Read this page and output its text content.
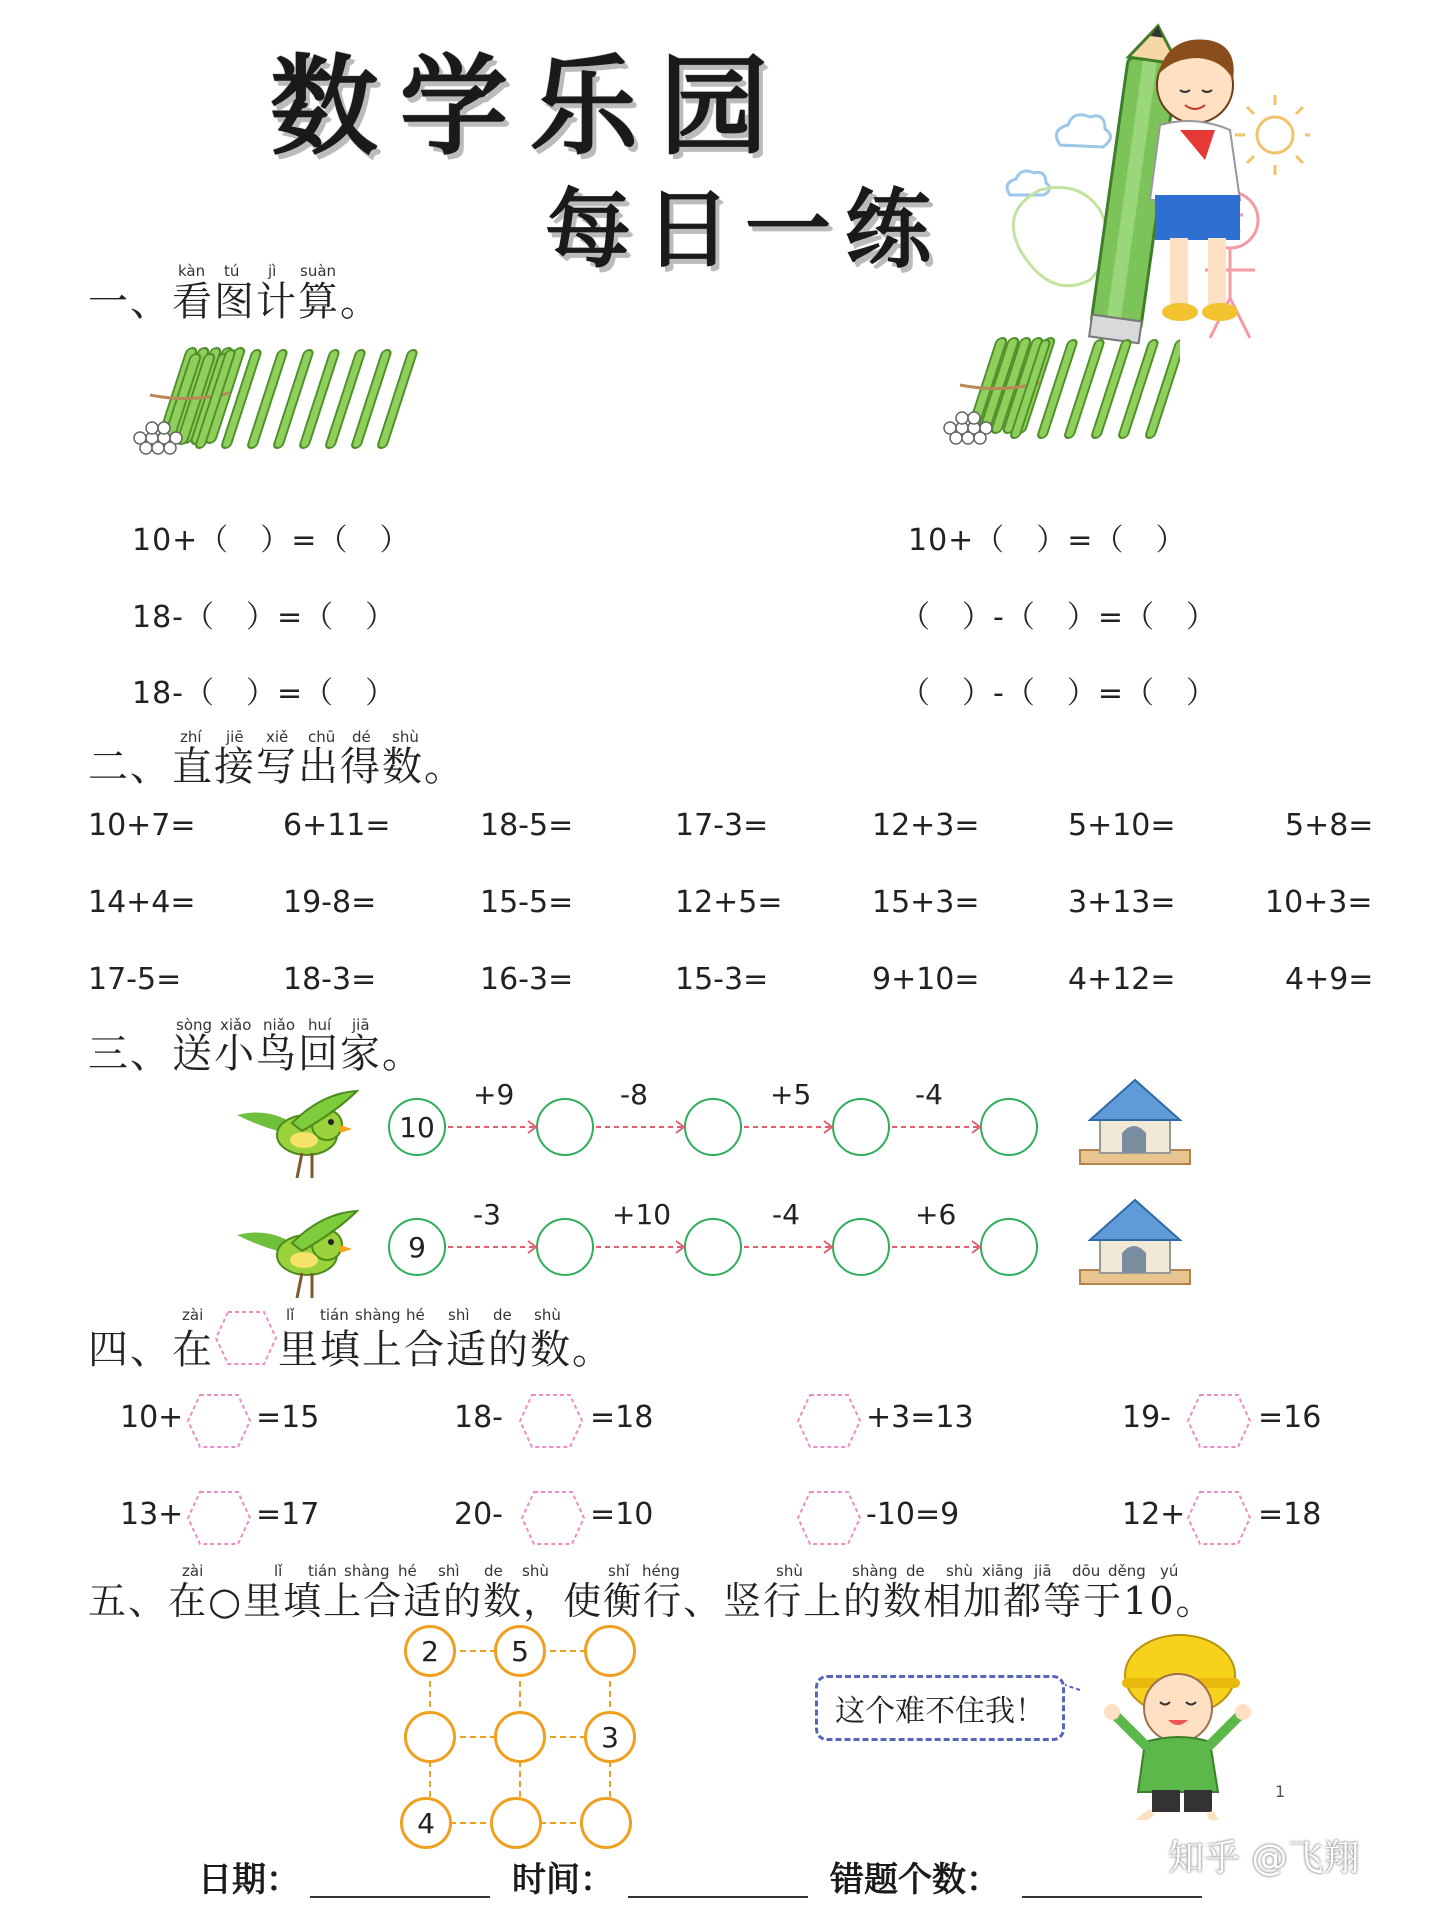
数学乐园
每日一练
一、看图计算。
kàn tú jì suàn
10+（　）=（　）
18-（　）=（　）
18-（　）=（　）
10+（　）=（　）
（　）-（　）=（　）
（　）-（　）=（　）
二、直接写出得数。
zhí jiē xiě chū dé shù
10+7=	6+11=	18-5=	17-3=	12+3=	5+10=	5+8=
14+4=	19-8=	15-5=	12+5=	15+3=	3+13=	10+3=
17-5=	18-3=	16-3=	15-3=	9+10=	4+12=	4+9=
三、送小鸟回家。
sòng xiǎo niǎo huí jiā
10
+9	-8	+5	-4
9
-3	+10	-4	+6
四、在 里填上合适的数。
zài	lǐ tián shàng hé shì de shù
10+ =15	18-	=18	+3=13	19-	=16
13+ =17	20-	=10	-10=9	12+ =18
五、在○里填上合适的数，使衡行、竖行上的数相加都等于10。
zài	lǐ tián shàng hé shì de shù	shǐ héng	shù	shàng de shù xiāng jiā dōu děng yú
2	5
3
4
这个难不住我！
1
日期：	时间：	错题个数：
知乎 @飞翔
